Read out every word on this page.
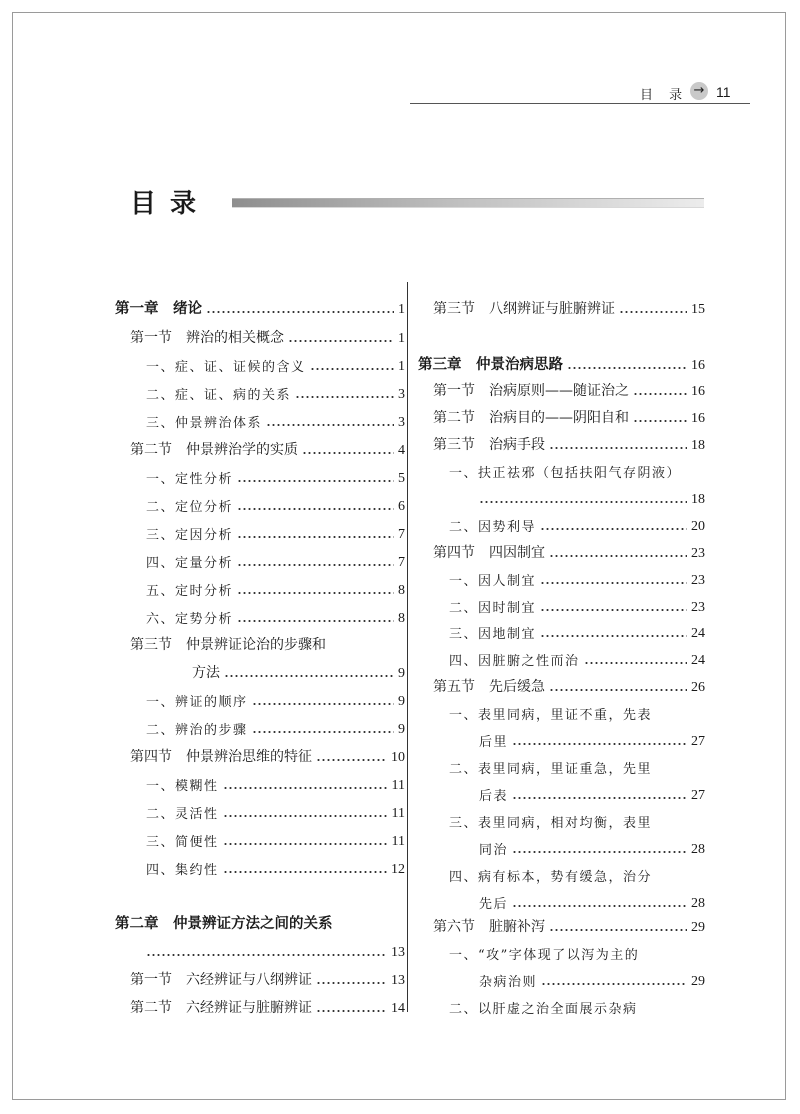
目 录 → 11
目录
第一章　绪论	1
第一节　辨治的相关概念	1
一、症、证、证候的含义	1
二、症、证、病的关系	3
三、仲景辨治体系	3
第二节　仲景辨治学的实质	4
一、定性分析	5
二、定位分析	6
三、定因分析	7
四、定量分析	7
五、定时分析	8
六、定势分析	8
第三节　仲景辨证论治的步骤和
方法	9
一、辨证的顺序	9
二、辨治的步骤	9
第四节　仲景辨治思维的特征	10
一、模糊性	11
二、灵活性	11
三、简便性	11
四、集约性	12
第二章　仲景辨证方法之间的关系
13
第一节　六经辨证与八纲辨证	13
第二节　六经辨证与脏腑辨证	14
第三节　八纲辨证与脏腑辨证	15
第三章　仲景治病思路	16
第一节　治病原则——随证治之	16
第二节　治病目的——阴阳自和	16
第三节　治病手段	18
一、扶正祛邪（包括扶阳气存阴液）
18
二、因势利导	20
第四节　四因制宜	23
一、因人制宜	23
二、因时制宜	23
三、因地制宜	24
四、因脏腑之性而治	24
第五节　先后缓急	26
一、表里同病，里证不重，先表
后里	27
二、表里同病，里证重急，先里
后表	27
三、表里同病，相对均衡，表里
同治	28
四、病有标本，势有缓急，治分
先后	28
第六节　脏腑补泻	29
一、“攻”字体现了以泻为主的
杂病治则	29
二、以肝虚之治全面展示杂病
